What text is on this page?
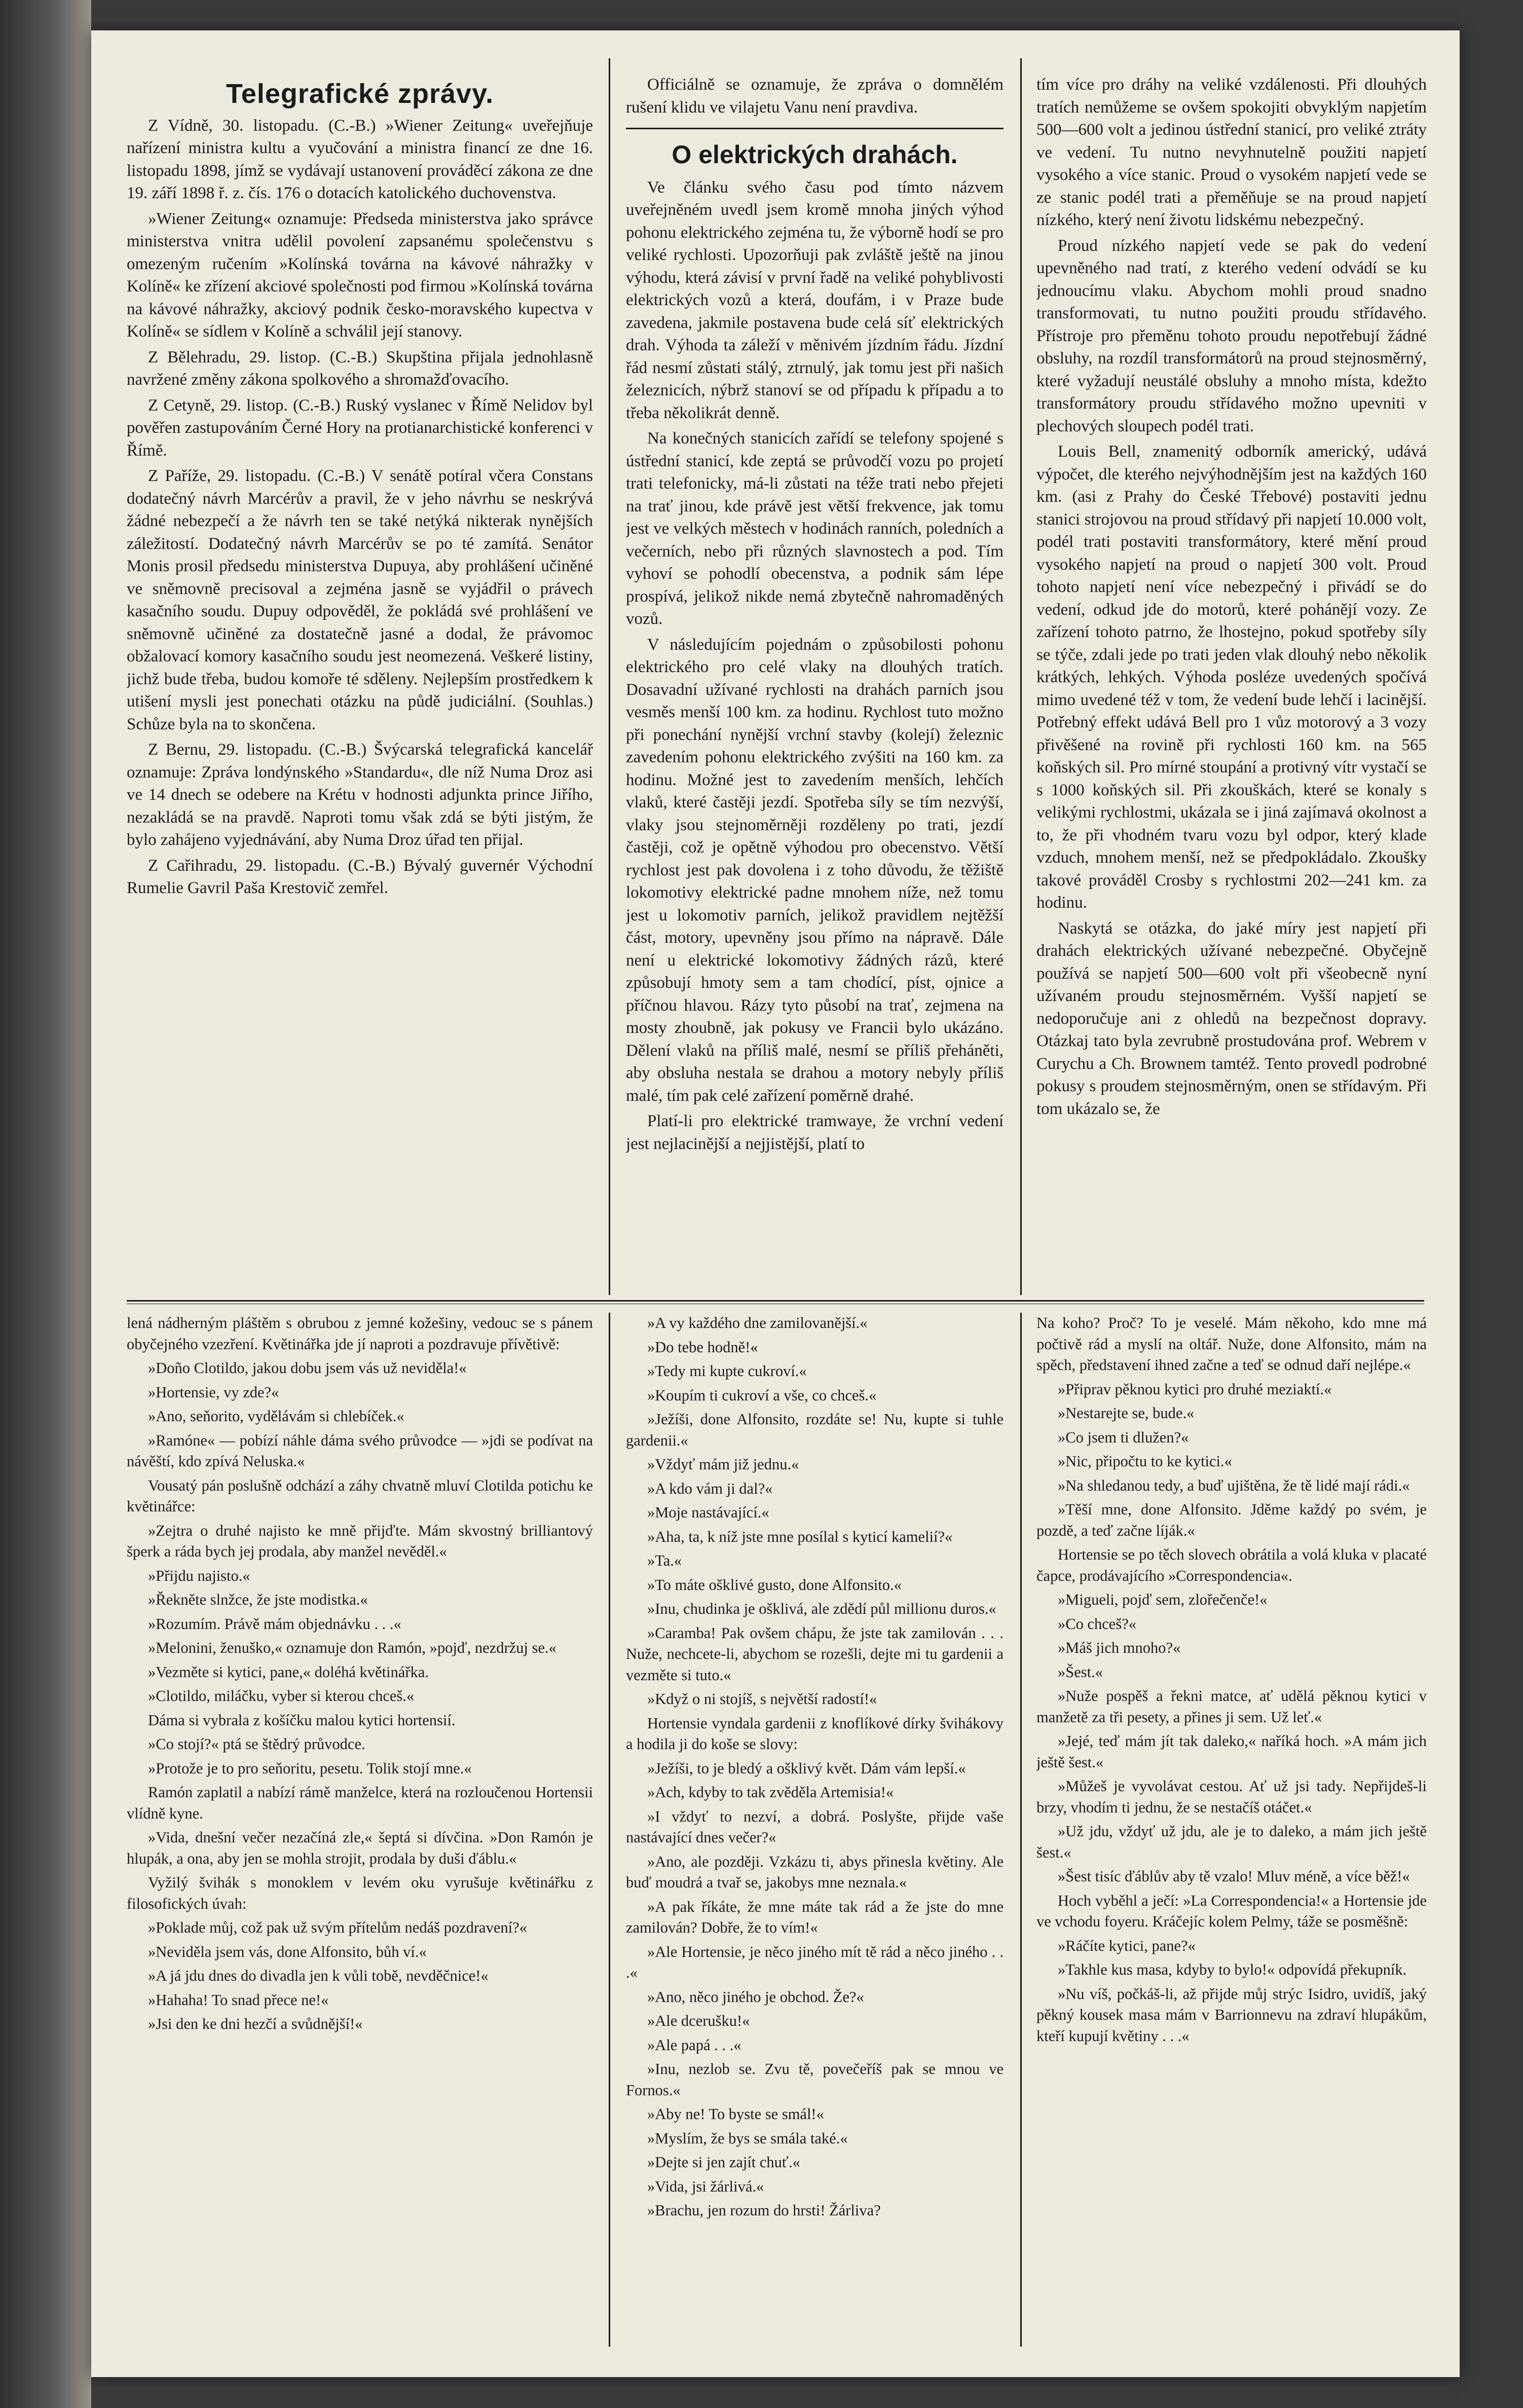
Telegrafické zprávy.

Z Vídně, 30. listopadu. (C.-B.) »Wiener Zeitung« uveřejňuje nařízení ministra kultu a vyučování a ministra financí ze dne 16. listopadu 1898, jímž se vydávají ustanovení prováděcí zákona ze dne 19. září 1898 ř. z. čís. 176 o dotacích katolického duchovenstva.

»Wiener Zeitung« oznamuje: Předseda ministerstva jako správce ministerstva vnitra udělil povolení zapsanému společenstvu s omezeným ručením »Kolínská továrna na kávové náhražky v Kolíně« ke zřízení akciové společnosti pod firmou »Kolínská továrna na kávové náhražky, akciový podnik česko-moravského kupectva v Kolíně« se sídlem v Kolíně a schválil její stanovy.

Z Bělehradu, 29. listop. (C.-B.) Skupština přijala jednohlasně navržené změny zákona spolkového a shromažďovacího.

Z Cetyně, 29. listop. (C.-B.) Ruský vyslanec v Římě Nelidov byl pověřen zastupováním Černé Hory na protianarchistické konferenci v Římě.

Z Paříže, 29. listopadu. (C.-B.) V senátě potíral včera Constans dodatečný návrh Marcérův a pravil, že v jeho návrhu se neskrývá žádné nebezpečí a že návrh ten se také netýká nikterak nynějších záležitostí. Dodatečný návrh Marcérův se po té zamítá. Senátor Monis prosil předsedu ministerstva Dupuya, aby prohlášení učiněné ve sněmovně precisoval a zejména jasně se vyjádřil o právech kasačního soudu. Dupuy odpověděl, že pokládá své prohlášení ve sněmovně učiněné za dostatečně jasné a dodal, že právomoc obžalovací komory kasačního soudu jest neomezená. Veškeré listiny, jichž bude třeba, budou komoře té sděleny. Nejlepším prostředkem k utišení mysli jest ponechati otázku na půdě judiciální. (Souhlas.) Schůze byla na to skončena.

Z Bernu, 29. listopadu. (C.-B.) Švýcarská telegrafická kancelář oznamuje: Zpráva londýnského »Standardu«, dle níž Numa Droz asi ve 14 dnech se odebere na Krétu v hodnosti adjunkta prince Jiřího, nezakládá se na pravdě. Naproti tomu však zdá se býti jistým, že bylo zahájeno vyjednávání, aby Numa Droz úřad ten přijal.

Z Cařihradu, 29. listopadu. (C.-B.) Bývalý guvernér Východní Rumelie Gavril Paša Krestovič zemřel.

Officiálně se oznamuje, že zpráva o domnělém rušení klidu ve vilajetu Vanu není pravdiva.

O elektrických drahách.

Ve článku svého času pod tímto názvem uveřejněném uvedl jsem kromě mnoha jiných výhod pohonu elektrického zejména tu, že výborně hodí se pro veliké rychlosti. Upozorňuji pak zvláště ještě na jinou výhodu, která závisí v první řadě na veliké pohyblivosti elektrických vozů a která, doufám, i v Praze bude zavedena, jakmile postavena bude celá síť elektrických drah. Výhoda ta záleží v měnivém jízdním řádu. Jízdní řád nesmí zůstati stálý, ztrnulý, jak tomu jest při našich železnicích, nýbrž stanoví se od případu k případu a to třeba několikrát denně.

Na konečných stanicích zařídí se telefony spojené s ústřední stanicí, kde zeptá se průvodčí vozu po projetí trati telefonicky, má-li zůstati na téže trati nebo přejeti na trať jinou, kde právě jest větší frekvence, jak tomu jest ve velkých městech v hodinách ranních, poledních a večerních, nebo při různých slavnostech a pod. Tím vyhoví se pohodlí obecenstva, a podnik sám lépe prospívá, jelikož nikde nemá zbytečně nahromaděných vozů.

V následujícím pojednám o způsobilosti pohonu elektrického pro celé vlaky na dlouhých tratích. Dosavadní užívané rychlosti na drahách parních jsou vesměs menší 100 km. za hodinu. Rychlost tuto možno při ponechání nynější vrchní stavby (kolejí) železnic zavedením pohonu elektrického zvýšiti na 160 km. za hodinu. Možné jest to zavedením menších, lehčích vlaků, které častěji jezdí. Spotřeba síly se tím nezvýší, vlaky jsou stejnoměrněji rozděleny po trati, jezdí častěji, což je opětně výhodou pro obecenstvo. Větší rychlost jest pak dovolena i z toho důvodu, že těžiště lokomotivy elektrické padne mnohem níže, než tomu jest u lokomotiv parních, jelikož pravidlem nejtěžší část, motory, upevněny jsou přímo na nápravě. Dále není u elektrické lokomotivy žádných rázů, které způsobují hmoty sem a tam chodící, píst, ojnice a příčnou hlavou. Rázy tyto působí na trať, zejmena na mosty zhoubně, jak pokusy ve Francii bylo ukázáno. Dělení vlaků na příliš malé, nesmí se příliš přeháněti, aby obsluha nestala se drahou a motory nebyly příliš malé, tím pak celé zařízení poměrně drahé.

Platí-li pro elektrické tramwaye, že vrchní vedení jest nejlacinější a nejjistější, platí to

tím více pro dráhy na veliké vzdálenosti. Při dlouhých tratích nemůžeme se ovšem spokojiti obvyklým napjetím 500—600 volt a jedinou ústřední stanicí, pro veliké ztráty ve vedení. Tu nutno nevyhnutelně použiti napjetí vysokého a více stanic. Proud o vysokém napjetí vede se ze stanic podél trati a přeměňuje se na proud napjetí nízkého, který není životu lidskému nebezpečný.

Proud nízkého napjetí vede se pak do vedení upevněného nad tratí, z kterého vedení odvádí se ku jednoucímu vlaku. Abychom mohli proud snadno transformovati, tu nutno použiti proudu střídavého. Přístroje pro přeměnu tohoto proudu nepotřebují žádné obsluhy, na rozdíl transformátorů na proud stejnosměrný, které vyžadují neustálé obsluhy a mnoho místa, kdežto transformátory proudu střídavého možno upevniti v plechových sloupech podél trati.

Louis Bell, znamenitý odborník americký, udává výpočet, dle kterého nejvýhodnějším jest na každých 160 km. (asi z Prahy do České Třebové) postaviti jednu stanici strojovou na proud střídavý při napjetí 10.000 volt, podél trati postaviti transformátory, které mění proud vysokého napjetí na proud o napjetí 300 volt. Proud tohoto napjetí není více nebezpečný i přivádí se do vedení, odkud jde do motorů, které pohánějí vozy. Ze zařízení tohoto patrno, že lhostejno, pokud spotřeby síly se týče, zdali jede po trati jeden vlak dlouhý nebo několik krátkých, lehkých. Výhoda posléze uvedených spočívá mimo uvedené též v tom, že vedení bude lehčí i lacinější. Potřebný effekt udává Bell pro 1 vůz motorový a 3 vozy přivěšené na rovině při rychlosti 160 km. na 565 koňských sil. Pro mírné stoupání a protivný vítr vystačí se s 1000 koňských sil. Při zkouškách, které se konaly s velikými rychlostmi, ukázala se i jiná zajímavá okolnost a to, že při vhodném tvaru vozu byl odpor, který klade vzduch, mnohem menší, než se předpokládalo. Zkoušky takové prováděl Crosby s rychlostmi 202—241 km. za hodinu.

Naskytá se otázka, do jaké míry jest napjetí při drahách elektrických užívané nebezpečné. Obyčejně používá se napjetí 500—600 volt při všeobecně nyní užívaném proudu stejnosměrném. Vyšší napjetí se nedoporučuje ani z ohledů na bezpečnost dopravy. Otázkaj tato byla zevrubně prostudována prof. Webrem v Curychu a Ch. Brownem tamtéž. Tento provedl podrobné pokusy s proudem stejnosměrným, onen se střídavým. Při tom ukázalo se, že

lená nádherným pláštěm s obrubou z jemné kožešiny, vedouc se s pánem obyčejného vzezření. Květinářka jde jí naproti a pozdravuje přívětivě:

»Doño Clotildo, jakou dobu jsem vás už neviděla!«

»Hortensie, vy zde?«

»Ano, seňorito, vydělávám si chlebíček.«

»Ramóne« — pobízí náhle dáma svého průvodce — »jdi se podívat na návěští, kdo zpívá Neluska.«

Vousatý pán poslušně odchází a záhy chvatně mluví Clotilda potichu ke květinářce:

»Zejtra o druhé najisto ke mně přijďte. Mám skvostný brilliantový šperk a ráda bych jej prodala, aby manžel nevěděl.«

»Přijdu najisto.«

»Řekněte slnžce, že jste modistka.«

»Rozumím. Právě mám objednávku . . .«

»Melonini, ženuško,« oznamuje don Ramón, »pojď, nezdržuj se.«

»Vezměte si kytici, pane,« doléhá květinářka.

»Clotildo, miláčku, vyber si kterou chceš.«

Dáma si vybrala z košíčku malou kytici hortensií.

»Co stojí?« ptá se štědrý průvodce.

»Protože je to pro seňoritu, pesetu. Tolik stojí mne.«

Ramón zaplatil a nabízí rámě manželce, která na rozloučenou Hortensii vlídně kyne.

»Vida, dnešní večer nezačíná zle,« šeptá si dívčina. »Don Ramón je hlupák, a ona, aby jen se mohla strojit, prodala by duši ďáblu.«

Vyžilý švihák s monoklem v levém oku vyrušuje květinářku z filosofických úvah:

»Poklade můj, což pak už svým přítelům nedáš pozdravení?«

»Neviděla jsem vás, done Alfonsito, bůh ví.«

»A já jdu dnes do divadla jen k vůli tobě, nevděčnice!«

»Hahaha! To snad přece ne!«

»Jsi den ke dni hezčí a svůdnější!«

»A vy každého dne zamilovanější.«

»Do tebe hodně!«

»Tedy mi kupte cukroví.«

»Koupím ti cukroví a vše, co chceš.«

»Ježíši, done Alfonsito, rozdáte se! Nu, kupte si tuhle gardenii.«

»Vždyť mám již jednu.«

»A kdo vám ji dal?«

»Moje nastávající.«

»Aha, ta, k níž jste mne posílal s kyticí kamelií?«

»Ta.«

»To máte ošklivé gusto, done Alfonsito.«

»Inu, chudinka je ošklivá, ale zdědí půl millionu duros.«

»Caramba! Pak ovšem chápu, že jste tak zamilován . . . Nuže, nechcete-li, abychom se rozešli, dejte mi tu gardenii a vezměte si tuto.«

»Když o ni stojíš, s největší radostí!«

Hortensie vyndala gardenii z knoflíkové dírky švihákovy a hodila ji do koše se slovy:

»Ježíši, to je bledý a ošklivý květ. Dám vám lepší.«

»Ach, kdyby to tak zvěděla Artemisia!«

»I vždyť to nezví, a dobrá. Poslyšte, přijde vaše nastávající dnes večer?«

»Ano, ale později. Vzkázu ti, abys přinesla květiny. Ale buď moudrá a tvař se, jakobys mne neznala.«

»A pak říkáte, že mne máte tak rád a že jste do mne zamilován? Dobře, že to vím!«

»Ale Hortensie, je něco jiného mít tě rád a něco jiného . . .«

»Ano, něco jiného je obchod. Že?«

»Ale dcerušku!«

»Ale papá . . .«

»Inu, nezlob se. Zvu tě, povečeříš pak se mnou ve Fornos.«

»Aby ne! To byste se smál!«

»Myslím, že bys se smála také.«

»Dejte si jen zajít chuť.«

»Vida, jsi žárlivá.«

»Brachu, jen rozum do hrsti! Žárliva?

Na koho? Proč? To je veselé. Mám někoho, kdo mne má počtivě rád a myslí na oltář. Nuže, done Alfonsito, mám na spěch, představení ihned začne a teď se odnud daří nejlépe.«

»Připrav pěknou kytici pro druhé meziaktí.«

»Nestarejte se, bude.«

»Co jsem ti dlužen?«

»Nic, připočtu to ke kytici.«

»Na shledanou tedy, a buď ujištěna, že tě lidé mají rádi.«

»Těší mne, done Alfonsito. Jděme každý po svém, je pozdě, a teď začne líják.«

Hortensie se po těch slovech obrátila a volá kluka v placaté čapce, prodávajícího »Correspondencia«.

»Migueli, pojď sem, zlořečenče!«

»Co chceš?«

»Máš jich mnoho?«

»Šest.«

»Nuže pospěš a řekni matce, ať udělá pěknou kytici v manžetě za tři pesety, a přines ji sem. Už leť.«

»Jejé, teď mám jít tak daleko,« naříká hoch. »A mám jich ještě šest.«

»Můžeš je vyvolávat cestou. Ať už jsi tady. Nepřijdeš-li brzy, vhodím ti jednu, že se nestačíš otáčet.«

»Už jdu, vždyť už jdu, ale je to daleko, a mám jich ještě šest.«

»Šest tisíc ďáblův aby tě vzalo! Mluv méně, a více běž!«

Hoch vyběhl a ječí: »La Correspondencia!« a Hortensie jde ve vchodu foyeru. Kráčejíc kolem Pelmy, táže se posměšně:

»Ráčíte kytici, pane?«

»Takhle kus masa, kdyby to bylo!« odpovídá překupník.

»Nu víš, počkáš-li, až přijde můj strýc Isidro, uvidíš, jaký pěkný kousek masa mám v Barrionnevu na zdraví hlupákům, kteří kupují květiny . . .«
